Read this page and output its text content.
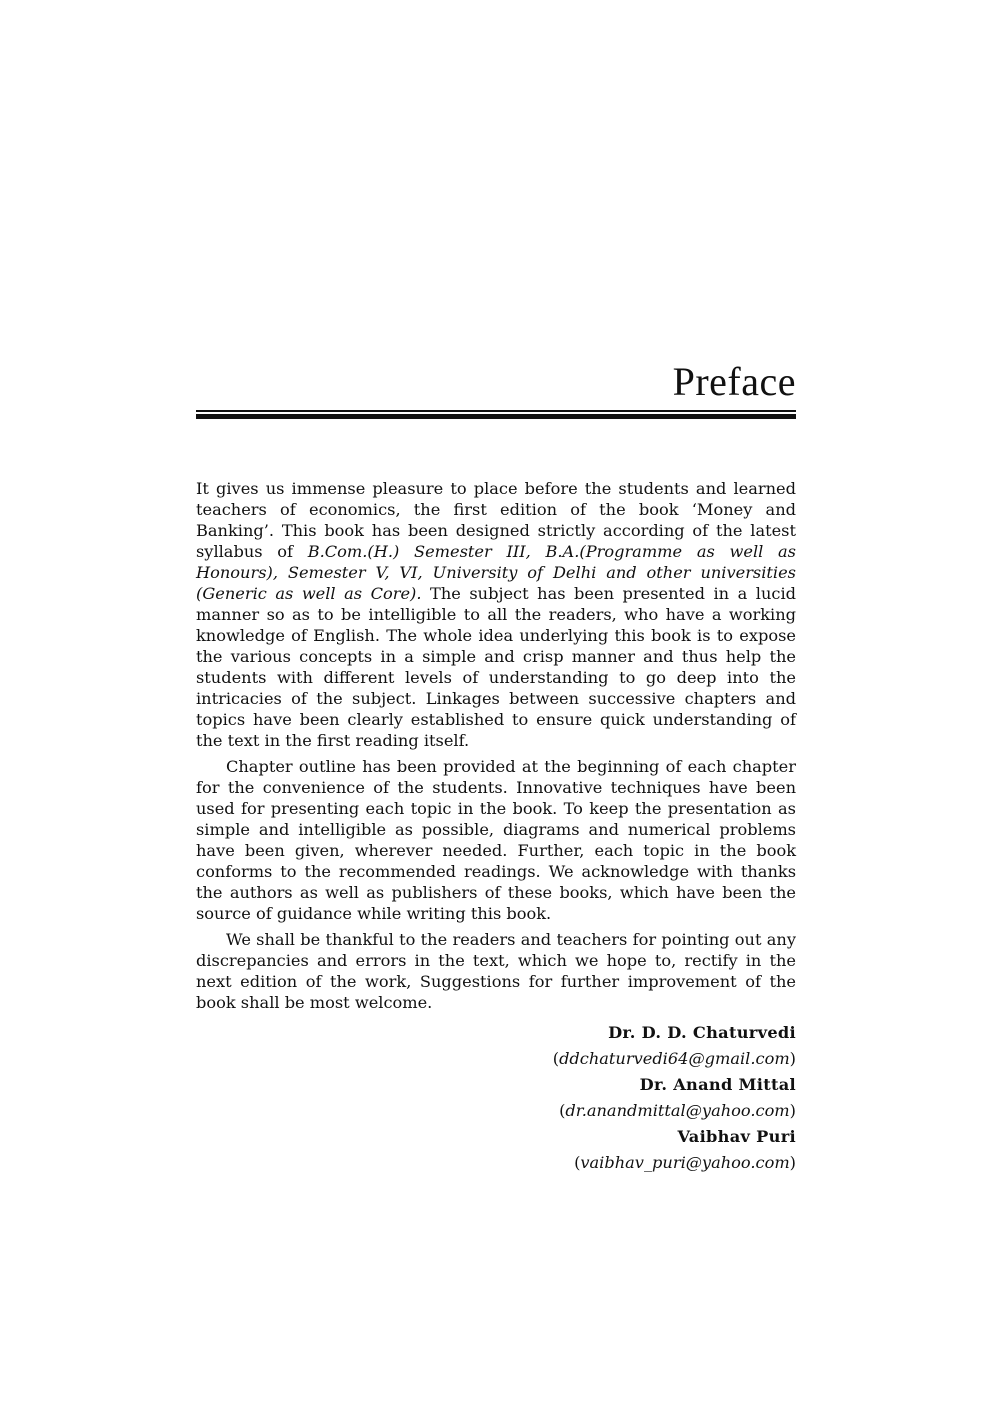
Preface

It gives us immense pleasure to place before the students and learned teachers of economics, the first edition of the book ‘Money and Banking’. This book has been designed strictly according of the latest syllabus of B.Com.(H.) Semester III, B.A.(Programme as well as Honours), Semester V, VI, University of Delhi and other universities (Generic as well as Core). The subject has been presented in a lucid manner so as to be intelligible to all the readers, who have a working knowledge of English. The whole idea underlying this book is to expose the various concepts in a simple and crisp manner and thus help the students with different levels of understanding to go deep into the intricacies of the subject. Linkages between successive chapters and topics have been clearly established to ensure quick understanding of the text in the first reading itself.

Chapter outline has been provided at the beginning of each chapter for the convenience of the students. Innovative techniques have been used for presenting each topic in the book. To keep the presentation as simple and intelligible as possible, diagrams and numerical problems have been given, wherever needed. Further, each topic in the book conforms to the recommended readings. We acknowledge with thanks the authors as well as publishers of these books, which have been the source of guidance while writing this book.

We shall be thankful to the readers and teachers for pointing out any discrepancies and errors in the text, which we hope to, rectify in the next edition of the work, Suggestions for further improvement of the book shall be most welcome.

Dr. D. D. Chaturvedi
(ddchaturvedi64@gmail.com)
Dr. Anand Mittal
(dr.anandmittal@yahoo.com)
Vaibhav Puri
(vaibhav_puri@yahoo.com)
